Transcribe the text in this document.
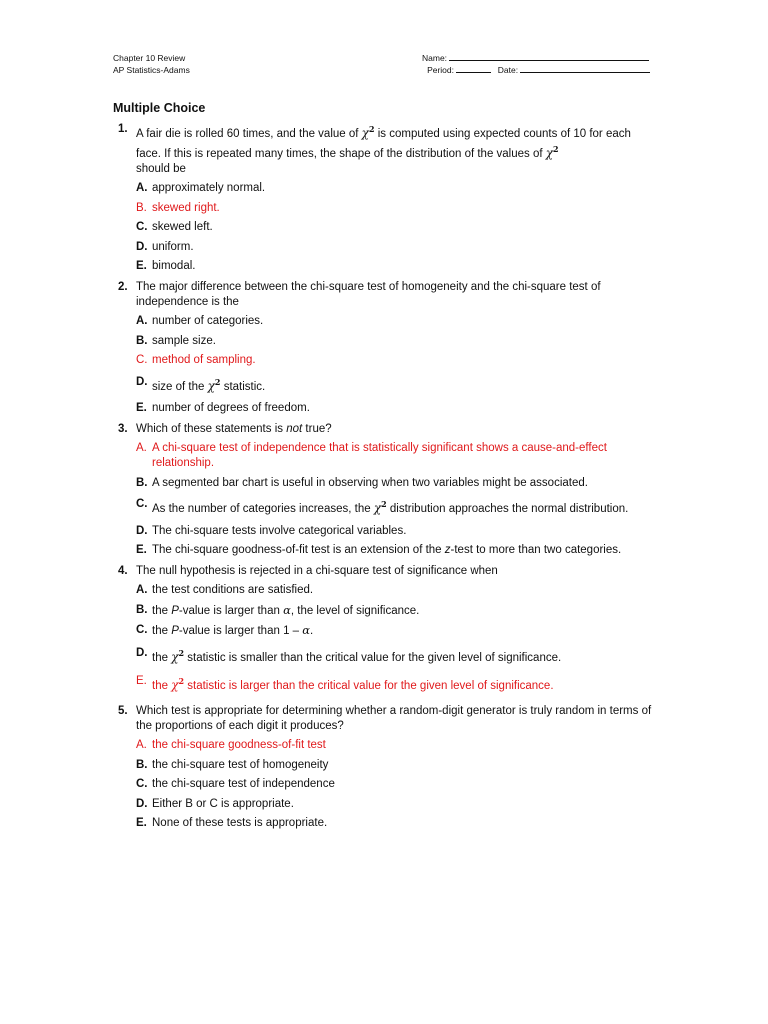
Chapter 10 Review
AP Statistics-Adams
Name:
Period:	Date:
Multiple Choice
1. A fair die is rolled 60 times, and the value of $\chi^2$ is computed using expected counts of 10 for each face. If this is repeated many times, the shape of the distribution of the values of $\chi^2$
should be
A. approximately normal.
B. skewed right.
C. skewed left.
D. uniform.
E. bimodal.
2. The major difference between the chi-square test of homogeneity and the chi-square test of independence is the
A. number of categories.
B. sample size.
C. method of sampling.
D. size of the $\chi^2$ statistic.
E. number of degrees of freedom.
3. Which of these statements is not true?
A. A chi-square test of independence that is statistically significant shows a cause-and-effect relationship.
B. A segmented bar chart is useful in observing when two variables might be associated.
C. As the number of categories increases, the $\chi^2$ distribution approaches the normal distribution.
D. The chi-square tests involve categorical variables.
E. The chi-square goodness-of-fit test is an extension of the z-test to more than two categories.
4. The null hypothesis is rejected in a chi-square test of significance when
A. the test conditions are satisfied.
B. the P-value is larger than α, the level of significance.
C. the P-value is larger than 1 – α.
D. the $\chi^2$ statistic is smaller than the critical value for the given level of significance.
E. the $\chi^2$ statistic is larger than the critical value for the given level of significance.
5. Which test is appropriate for determining whether a random-digit generator is truly random in terms of the proportions of each digit it produces?
A. the chi-square goodness-of-fit test
B. the chi-square test of homogeneity
C. the chi-square test of independence
D. Either B or C is appropriate.
E. None of these tests is appropriate.
